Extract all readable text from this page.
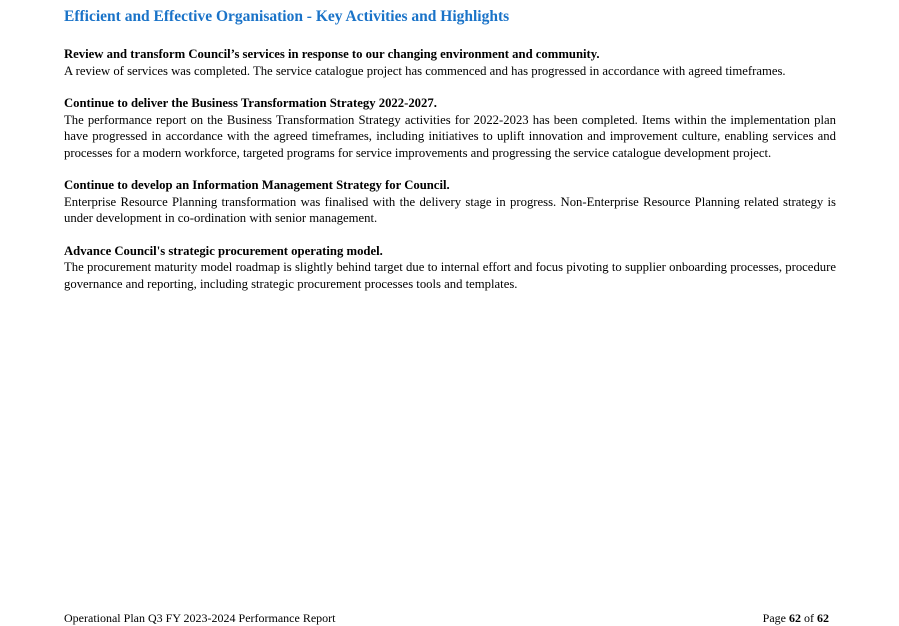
Efficient and Effective Organisation - Key Activities and Highlights

Review and transform Council’s services in response to our changing environment and community.

A review of services was completed. The service catalogue project has commenced and has progressed in accordance with agreed timeframes.

Continue to deliver the Business Transformation Strategy 2022-2027.

The performance report on the Business Transformation Strategy activities for 2022-2023 has been completed. Items within the implementation plan have progressed in accordance with the agreed timeframes, including initiatives to uplift innovation and improvement culture, enabling services and processes for a modern workforce, targeted programs for service improvements and progressing the service catalogue development project.

Continue to develop an Information Management Strategy for Council.

Enterprise Resource Planning transformation was finalised with the delivery stage in progress. Non-Enterprise Resource Planning related strategy is under development in co-ordination with senior management.

Advance Council's strategic procurement operating model.

The procurement maturity model roadmap is slightly behind target due to internal effort and focus pivoting to supplier onboarding processes, procedure governance and reporting, including strategic procurement processes tools and templates.

Operational Plan Q3 FY 2023-2024 Performance Report	Page 62 of 62
